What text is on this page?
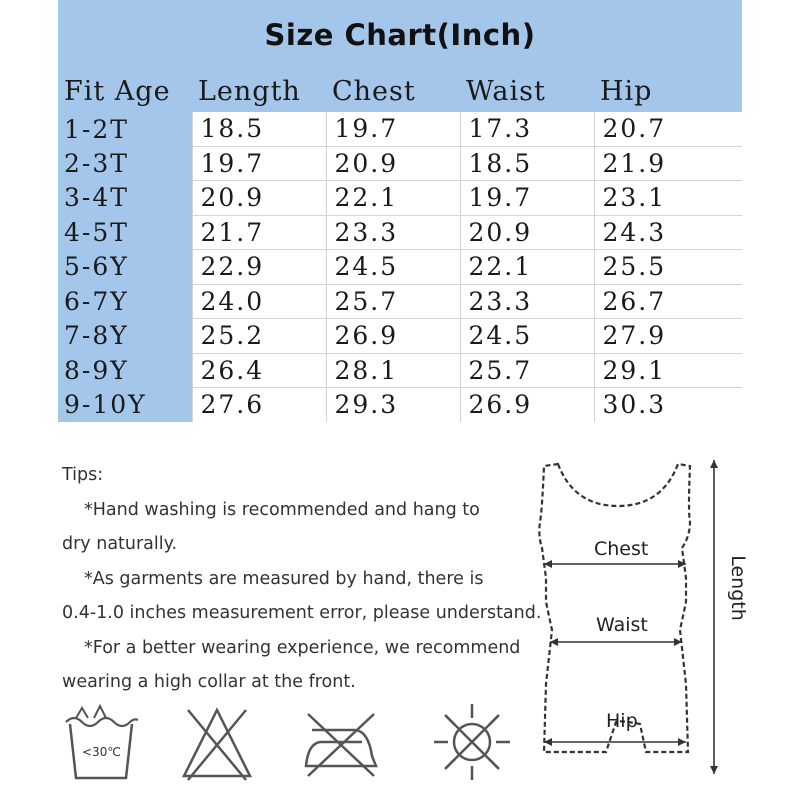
Size Chart(Inch)
Fit Age	Length	Chest	Waist	Hip
1-2T	18.5	19.7	17.3	20.7
2-3T	19.7	20.9	18.5	21.9
3-4T	20.9	22.1	19.7	23.1
4-5T	21.7	23.3	20.9	24.3
5-6Y	22.9	24.5	22.1	25.5
6-7Y	24.0	25.7	23.3	26.7
7-8Y	25.2	26.9	24.5	27.9
8-9Y	26.4	28.1	25.7	29.1
9-10Y	27.6	29.3	26.9	30.3

Tips:

*Hand washing is recommended and hang to

dry naturally.

*As garments are measured by hand, there is

0.4-1.0 inches measurement error, please understand.

*For a better wearing experience, we recommend

wearing a high collar at the front.

<30℃
Chest
Waist
Hip
Length
